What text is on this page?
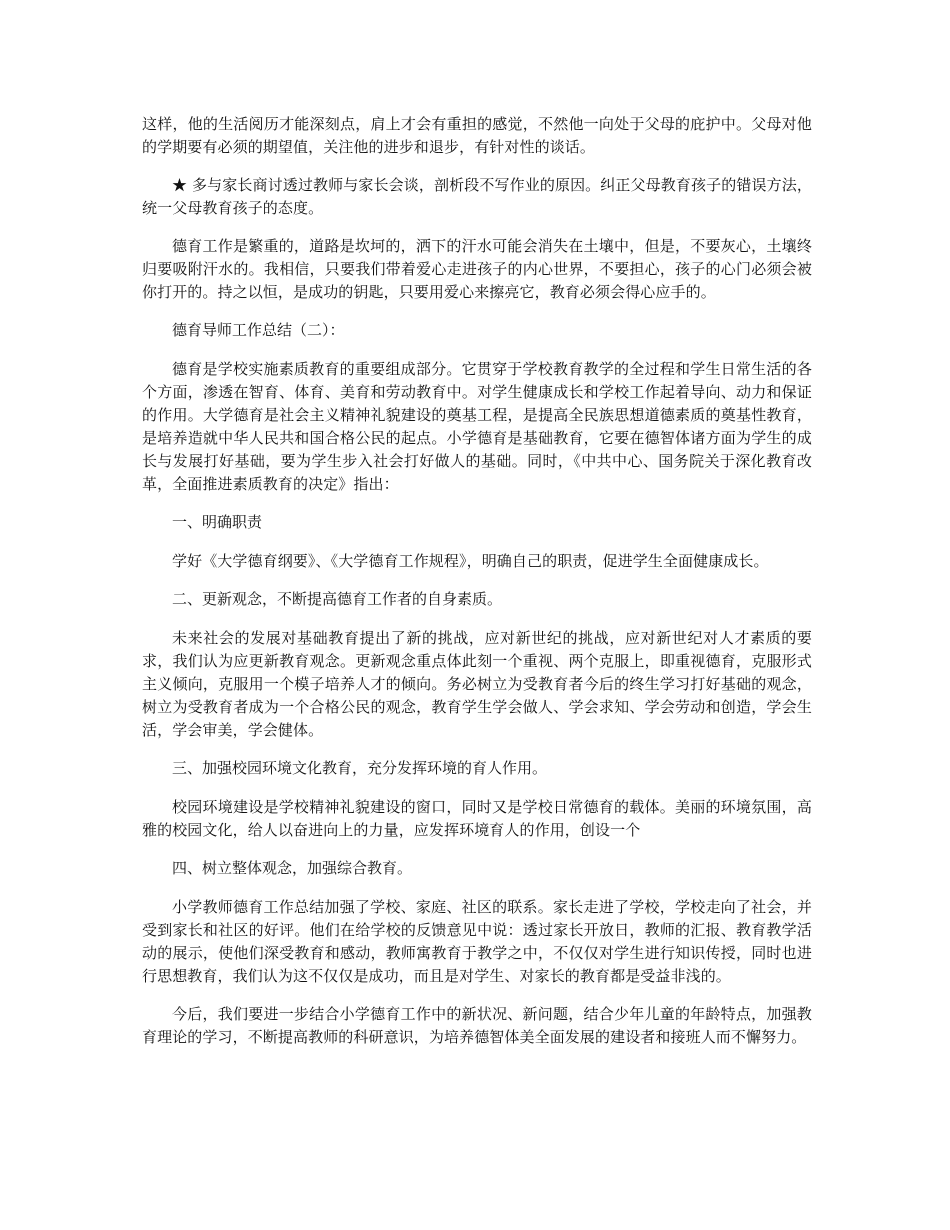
这样，他的生活阅历才能深刻点，肩上才会有重担的感觉，不然他一向处于父母的庇护中。父母对他的学期要有必须的期望值，关注他的进步和退步，有针对性的谈话。

★ 多与家长商讨透过教师与家长会谈，剖析段不写作业的原因。纠正父母教育孩子的错误方法，统一父母教育孩子的态度。

德育工作是繁重的，道路是坎坷的，洒下的汗水可能会消失在土壤中，但是，不要灰心，土壤终归要吸附汗水的。我相信，只要我们带着爱心走进孩子的内心世界，不要担心，孩子的心门必须会被你打开的。持之以恒，是成功的钥匙，只要用爱心来擦亮它，教育必须会得心应手的。

德育导师工作总结（二）：

德育是学校实施素质教育的重要组成部分。它贯穿于学校教育教学的全过程和学生日常生活的各个方面，渗透在智育、体育、美育和劳动教育中。对学生健康成长和学校工作起着导向、动力和保证的作用。大学德育是社会主义精神礼貌建设的奠基工程，是提高全民族思想道德素质的奠基性教育，是培养造就中华人民共和国合格公民的起点。小学德育是基础教育，它要在德智体诸方面为学生的成长与发展打好基础，要为学生步入社会打好做人的基础。同时，《中共中心、国务院关于深化教育改革，全面推进素质教育的决定》指出：

一、明确职责

学好《大学德育纲要》、《大学德育工作规程》，明确自己的职责，促进学生全面健康成长。

二、更新观念，不断提高德育工作者的自身素质。

未来社会的发展对基础教育提出了新的挑战，应对新世纪的挑战，应对新世纪对人才素质的要求，我们认为应更新教育观念。更新观念重点体此刻一个重视、两个克服上，即重视德育，克服形式主义倾向，克服用一个模子培养人才的倾向。务必树立为受教育者今后的终生学习打好基础的观念，树立为受教育者成为一个合格公民的观念，教育学生学会做人、学会求知、学会劳动和创造，学会生活，学会审美，学会健体。

三、加强校园环境文化教育，充分发挥环境的育人作用。

校园环境建设是学校精神礼貌建设的窗口，同时又是学校日常德育的载体。美丽的环境氛围，高雅的校园文化，给人以奋进向上的力量，应发挥环境育人的作用，创设一个

四、树立整体观念，加强综合教育。

小学教师德育工作总结加强了学校、家庭、社区的联系。家长走进了学校，学校走向了社会，并受到家长和社区的好评。他们在给学校的反馈意见中说：透过家长开放日，教师的汇报、教育教学活动的展示，使他们深受教育和感动，教师寓教育于教学之中，不仅仅对学生进行知识传授，同时也进行思想教育，我们认为这不仅仅是成功，而且是对学生、对家长的教育都是受益非浅的。

今后，我们要进一步结合小学德育工作中的新状况、新问题，结合少年儿童的年龄特点，加强教育理论的学习，不断提高教师的科研意识，为培养德智体美全面发展的建设者和接班人而不懈努力。
